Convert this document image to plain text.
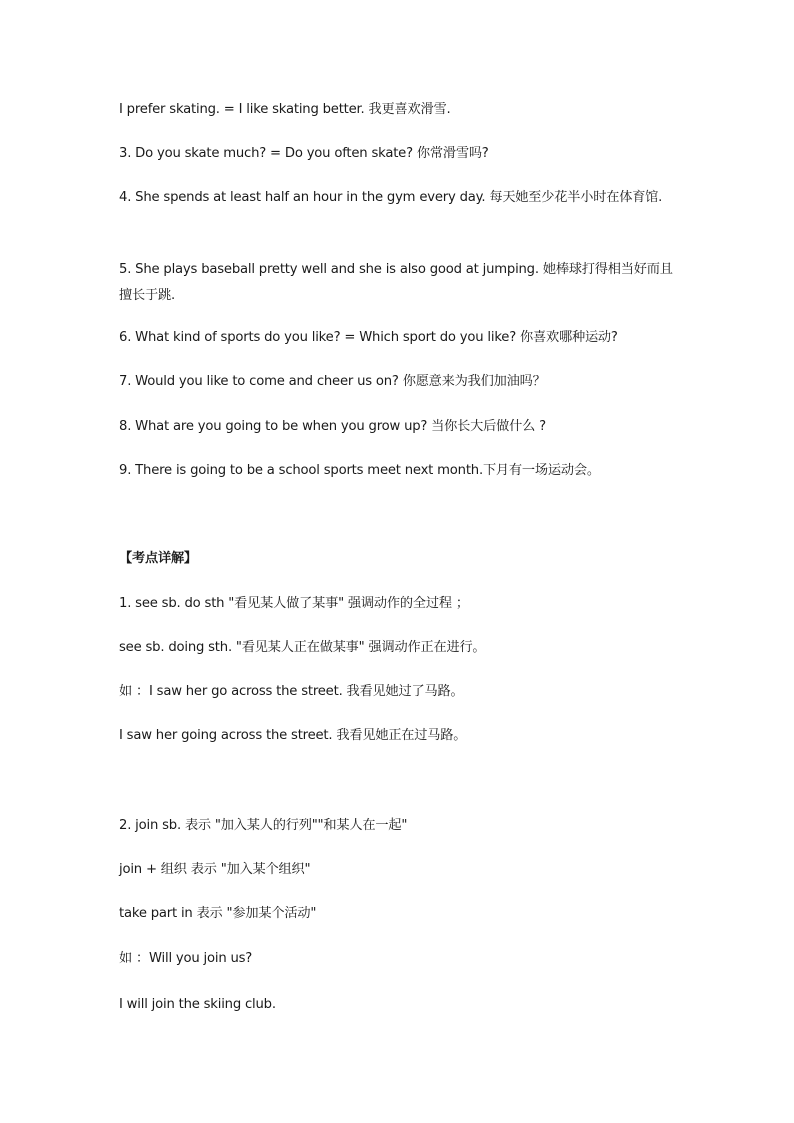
I prefer skating. = I like skating better. 我更喜欢滑雪.
3. Do you skate much? = Do you often skate? 你常滑雪吗?
4. She spends at least half an hour in the gym every day. 每天她至少花半小时在体育馆.
5. She plays baseball pretty well and she is also good at jumping. 她棒球打得相当好而且擅长于跳.
6. What kind of sports do you like? = Which sport do you like? 你喜欢哪种运动?
7. Would you like to come and cheer us on? 你愿意来为我们加油吗？
8. What are you going to be when you grow up? 当你长大后做什么 ?
9. There is going to be a school sports meet next month.下月有一场运动会。
【考点详解】
1. see sb. do sth "看见某人做了某事" 强调动作的全过程 ；
see sb. doing sth. "看见某人正在做某事" 强调动作正在进行。
如 ：I saw her go across the street. 我看见她过了马路。
I saw her going across the street. 我看见她正在过马路。
2. join sb. 表示 "加入某人的行列""和某人在一起"
join + 组织 表示 "加入某个组织"
take part in 表示 "参加某个活动"
如 ：Will you join us?
I will join the skiing club.
